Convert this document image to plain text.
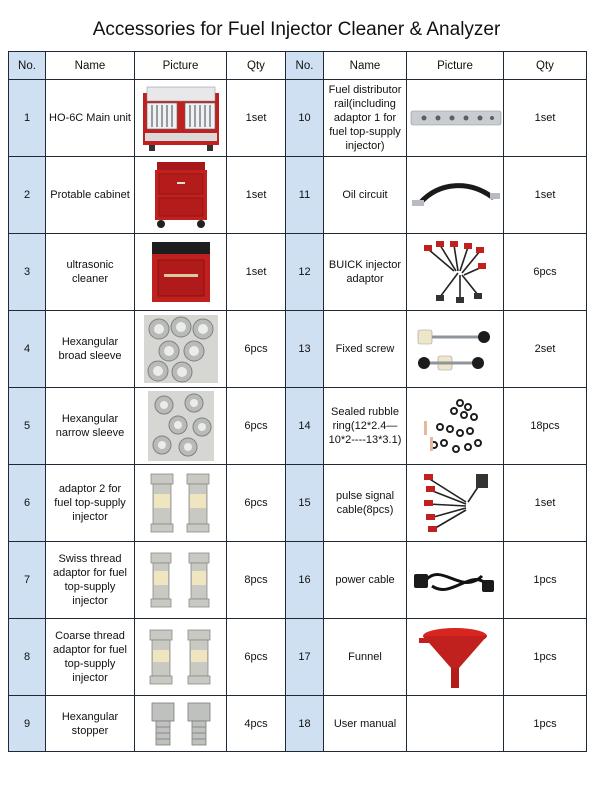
Accessories for Fuel Injector Cleaner & Analyzer
No.	Name	Picture	Qty	No.	Name	Picture	Qty
1	HO-6C Main unit		1set	10	Fuel distributor rail(including adaptor 1 for fuel top-supply injector)		1set
2	Protable cabinet		1set	11	Oil circuit		1set
3	ultrasonic cleaner		1set	12	BUICK injector adaptor		6pcs
4	Hexangular broad sleeve		6pcs	13	Fixed screw		2set
5	Hexangular narrow sleeve		6pcs	14	Sealed rubble ring(12*2.4—10*2----13*3.1)		18pcs
6	adaptor 2 for fuel top-supply injector		6pcs	15	pulse signal cable(8pcs)		1set
7	Swiss thread adaptor for fuel top-supply injector		8pcs	16	power cable		1pcs
8	Coarse thread adaptor for fuel top-supply injector		6pcs	17	Funnel		1pcs
9	Hexangular stopper		4pcs	18	User manual		1pcs
